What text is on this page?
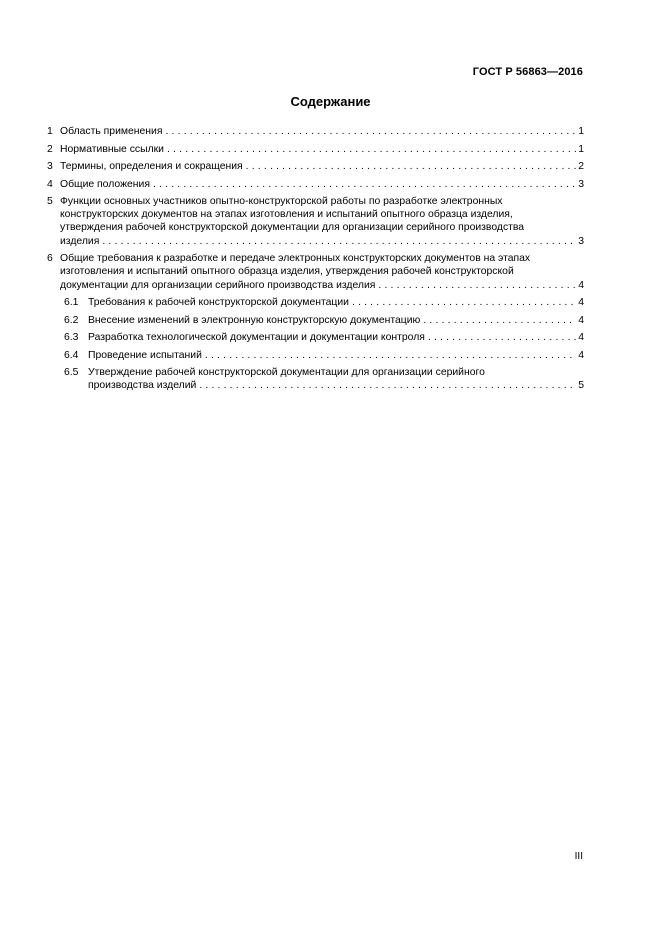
ГОСТ Р 56863—2016
Содержание
1 Область применения . . .	1
2 Нормативные ссылки . . .	1
3 Термины, определения и сокращения . . .	2
4 Общие положения . . .	3
5 Функции основных участников опытно-конструкторской работы по разработке электронных
конструкторских документов на этапах изготовления и испытаний опытного образца изделия,
утверждения рабочей конструкторской документации для организации серийного производства
изделия . . .	3
6 Общие требования к разработке и передаче электронных конструкторских документов на этапах
изготовления и испытаний опытного образца изделия, утверждения рабочей конструкторской
документации для организации серийного производства изделия . . .	4
6.1 Требования к рабочей конструкторской документации . . .	4
6.2 Внесение изменений в электронную конструкторскую документацию . . .	4
6.3 Разработка технологической документации и документации контроля . . .	4
6.4 Проведение испытаний . . .	4
6.5 Утверждение рабочей конструкторской документации для организации серийного
производства изделий . . .	5
III
